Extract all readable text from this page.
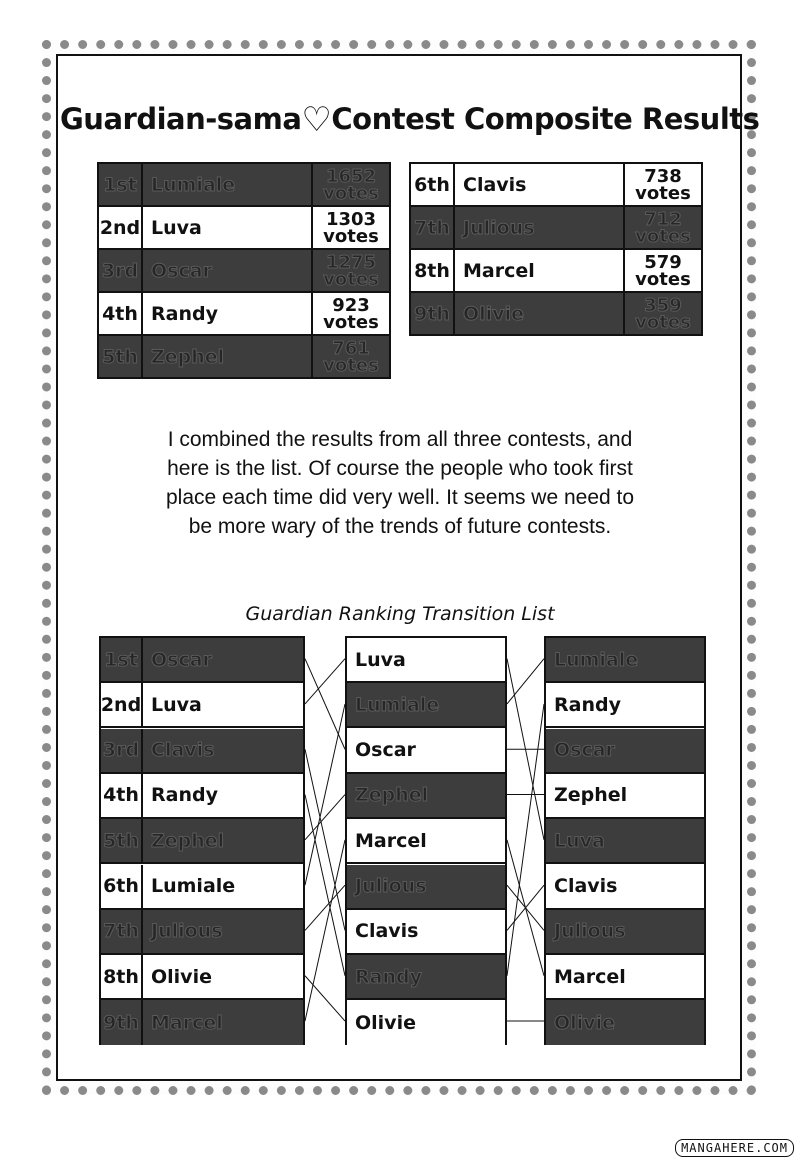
Guardian-sama♡Contest Composite Results
1st	Lumiale	1652
votes
2nd	Luva	1303
votes
3rd	Oscar	1275
votes
4th	Randy	923
votes
5th	Zephel	761
votes
6th	Clavis	738
votes
7th	Julious	712
votes
8th	Marcel	579
votes
9th	Olivie	359
votes
I combined the results from all three contests, and here is the list. Of course the people who took first place each time did very well. It seems we need to be more wary of the trends of future contests.
Guardian Ranking Transition List
1st Oscar
2nd Luva
3rd Clavis
4th Randy
5th Zephel
6th Lumiale
7th Julious
8th Olivie
9th Marcel
Luva
Lumiale
Oscar
Zephel
Marcel
Julious
Clavis
Randy
Olivie
Lumiale
Randy
Oscar
Zephel
Luva
Clavis
Julious
Marcel
Olivie
MANGAHERE.COM
